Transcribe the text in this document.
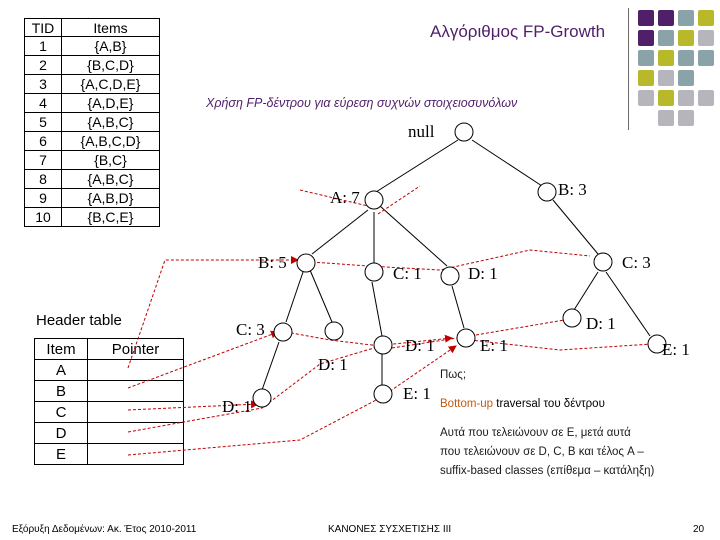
Αλγόριθμος FP-Growth
Χρήση FP-δέντρου για εύρεση συχνών στοιχειοσυνόλων
TID	Items
1	{A,B}
2	{B,C,D}
3	{A,C,D,E}
4	{A,D,E}
5	{A,B,C}
6	{A,B,C,D}
7	{B,C}
8	{A,B,C}
9	{A,B,D}
10	{B,C,E}
Header table
Item	Pointer
A	
B	
C	
D	
E	
null
A: 7	B: 3
B: 5
C: 1	D: 1
C: 3
C: 3
D: 1
D: 1	E: 1
D: 1
E: 1
D: 1
E: 1
Πως;
Bottom-up traversal του δέντρου
Αυτά που τελειώνουν σε E, μετά αυτά
που τελειώνουν σε D, C, B και τέλος A –
suffix-based classes (επίθεμα – κατάληξη)
Εξόρυξη Δεδομένων: Ακ. Έτος 2010-2011	ΚΑΝΟΝΕΣ ΣΥΣΧΕΤΙΣΗΣ ΙΙΙ	20
